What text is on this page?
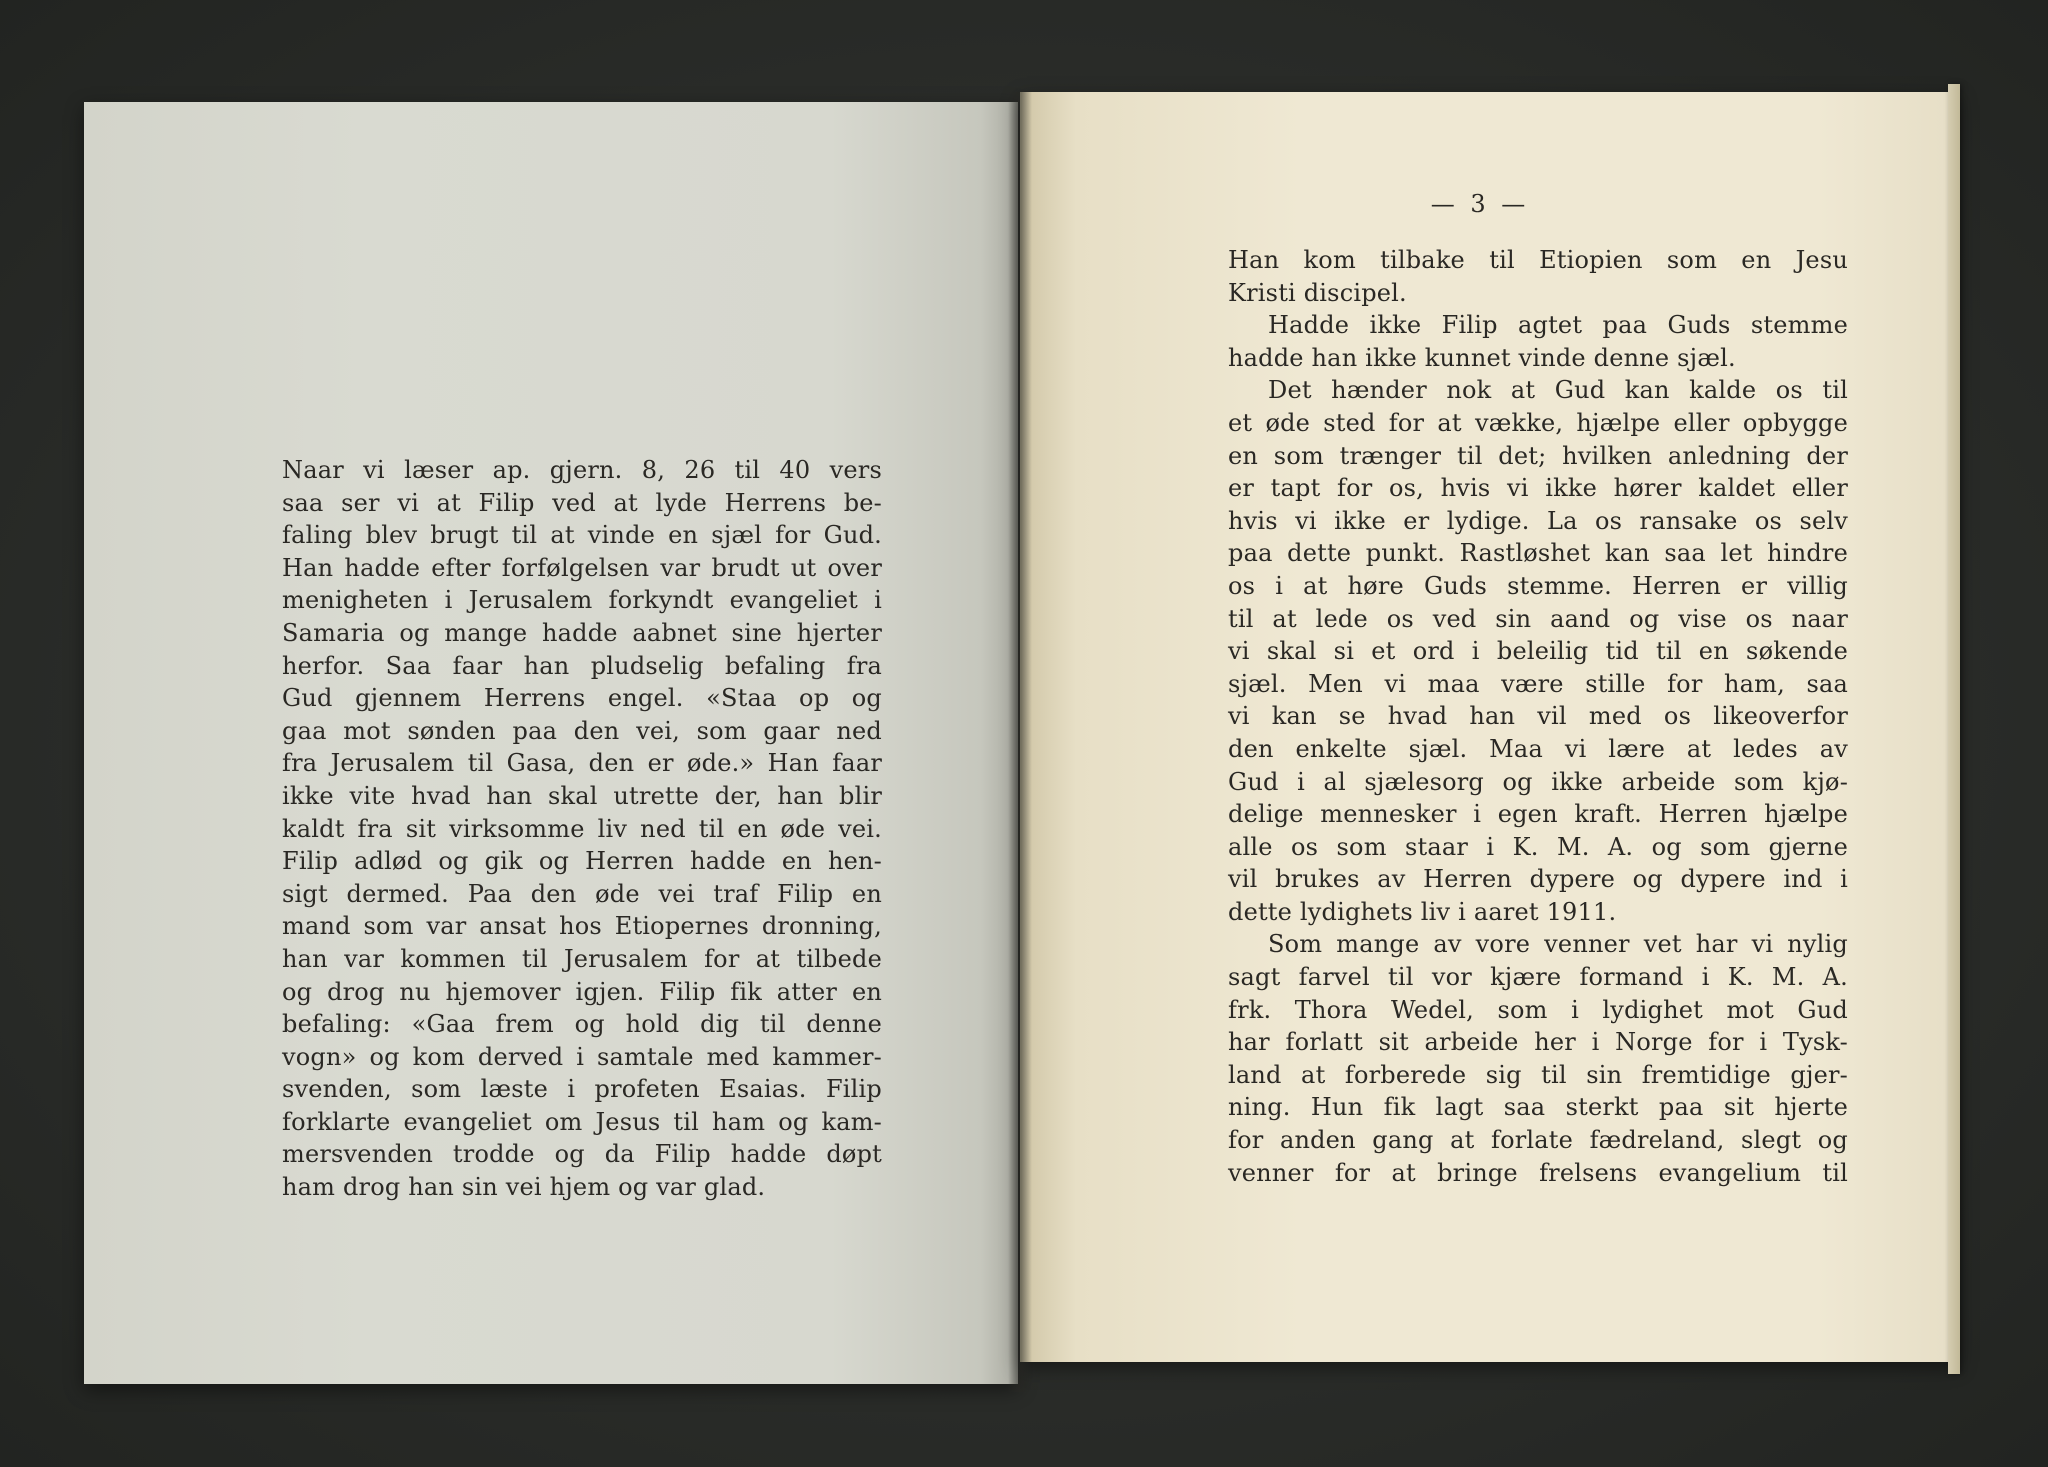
Naar vi læser ap. gjern. 8, 26 til 40 vers
saa ser vi at Filip ved at lyde Herrens be-
faling blev brugt til at vinde en sjæl for Gud.
Han hadde efter forfølgelsen var brudt ut over
menigheten i Jerusalem forkyndt evangeliet i
Samaria og mange hadde aabnet sine hjerter
herfor. Saa faar han pludselig befaling fra
Gud gjennem Herrens engel. «Staa op og
gaa mot sønden paa den vei, som gaar ned
fra Jerusalem til Gasa, den er øde.» Han faar
ikke vite hvad han skal utrette der, han blir
kaldt fra sit virksomme liv ned til en øde vei.
Filip adlød og gik og Herren hadde en hen-
sigt dermed. Paa den øde vei traf Filip en
mand som var ansat hos Etiopernes dronning,
han var kommen til Jerusalem for at tilbede
og drog nu hjemover igjen. Filip fik atter en
befaling: «Gaa frem og hold dig til denne
vogn» og kom derved i samtale med kammer-
svenden, som læste i profeten Esaias. Filip
forklarte evangeliet om Jesus til ham og kam-
mersvenden trodde og da Filip hadde døpt
ham drog han sin vei hjem og var glad.
— 3 —
Han kom tilbake til Etiopien som en Jesu
Kristi discipel.
Hadde ikke Filip agtet paa Guds stemme
hadde han ikke kunnet vinde denne sjæl.
Det hænder nok at Gud kan kalde os til
et øde sted for at vække, hjælpe eller opbygge
en som trænger til det; hvilken anledning der
er tapt for os, hvis vi ikke hører kaldet eller
hvis vi ikke er lydige. La os ransake os selv
paa dette punkt. Rastløshet kan saa let hindre
os i at høre Guds stemme. Herren er villig
til at lede os ved sin aand og vise os naar
vi skal si et ord i beleilig tid til en søkende
sjæl. Men vi maa være stille for ham, saa
vi kan se hvad han vil med os likeoverfor
den enkelte sjæl. Maa vi lære at ledes av
Gud i al sjælesorg og ikke arbeide som kjø-
delige mennesker i egen kraft. Herren hjælpe
alle os som staar i K. M. A. og som gjerne
vil brukes av Herren dypere og dypere ind i
dette lydighets liv i aaret 1911.
Som mange av vore venner vet har vi nylig
sagt farvel til vor kjære formand i K. M. A.
frk. Thora Wedel, som i lydighet mot Gud
har forlatt sit arbeide her i Norge for i Tysk-
land at forberede sig til sin fremtidige gjer-
ning. Hun fik lagt saa sterkt paa sit hjerte
for anden gang at forlate fædreland, slegt og
venner for at bringe frelsens evangelium til
